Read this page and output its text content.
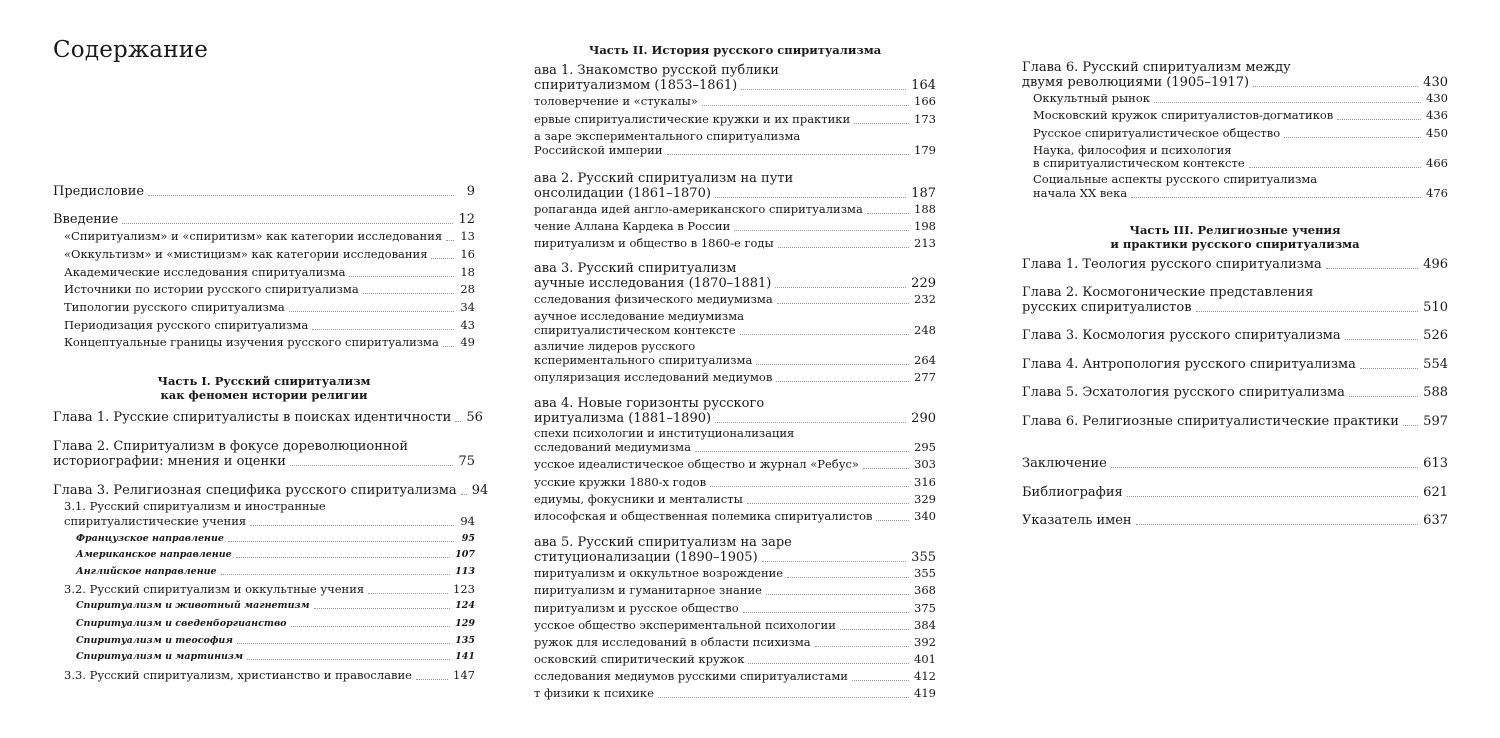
Содержание
Предисловие	9
Введение	12
«Спиритуализм» и «спиритизм» как категории исследования 13
«Оккультизм» и «мистицизм» как категории исследования	16
Академические исследования спиритуализма	18
Источники по истории русского спиритуализма	28
Типологии русского спиритуализма	34
Периодизация русского спиритуализма	43
Концептуальные границы изучения русского спиритуализма 49
Глава 1. Русские спиритуалисты в поисках идентичности 56
Глава 2. Спиритуализм в фокусе дореволюционной
историографии: мнения и оценки	75
Глава 3. Религиозная специфика русского спиритуализма 94
3.1. Русский спиритуализм и иностранные
спиритуалистические учения	94
Французское направление	95
Американское направление	107
Английское направление	113
3.2. Русский спиритуализм и оккультные учения	123
Спиритуализм и животный магнетизм	124
Спиритуализм и сведенборгианство	129
Спиритуализм и теософия	135
Спиритуализм и мартинизм	141
3.3. Русский спиритуализм, христианство и православие	147
Часть I. Русский спиритуализм
как феномен истории религии
ава 1. Знакомство русской публики
спиритуализмом (1853–1861)	164
толоверчение и «стукалы»	166
ервые спиритуалистические кружки и их практики	173
а заре экспериментального спиритуализма
Российской империи	179
ава 2. Русский спиритуализм на пути
онсолидации (1861–1870)	187
ропаганда идей англо-американского спиритуализма	188
чение Аллана Кардека в России	198
пиритуализм и общество в 1860-е годы	213
ава 3. Русский спиритуализм
аучные исследования (1870–1881)	229
сследования физического медиумизма	232
аучное исследование медиумизма
спиритуалистическом контексте	248
азличие лидеров русского
кспериментального спиритуализма	264
опуляризация исследований медиумов	277
ава 4. Новые горизонты русского
иритуализма (1881–1890)	290
спехи психологии и институционализация
сследований медиумизма	295
усское идеалистическое общество и журнал «Ребус»	303
усские кружки 1880-х годов	316
едиумы, фокусники и менталисты	329
илософская и общественная полемика спиритуалистов	340
ава 5. Русский спиритуализм на заре
ституционализации (1890–1905)	355
пиритуализм и оккультное возрождение	355
пиритуализм и гуманитарное знание	368
пиритуализм и русское общество	375
усское общество экспериментальной психологии	384
ружок для исследований в области психизма	392
осковский спиритический кружок	401
сследования медиумов русскими спиритуалистами	412
т физики к психике	419
Часть II. История русского спиритуализма
Глава 6. Русский спиритуализм между
двумя революциями (1905–1917)	430
Оккультный рынок	430
Московский кружок спиритуалистов-догматиков	436
Русское спиритуалистическое общество	450
Наука, философия и психология
в спиритуалистическом контексте	466
Социальные аспекты русского спиритуализма
начала XX века	476
Глава 1. Теология русского спиритуализма	496
Глава 2. Космогонические представления
русских спиритуалистов	510
Глава 3. Космология русского спиритуализма	526
Глава 4. Антропология русского спиритуализма	554
Глава 5. Эсхатология русского спиритуализма	588
Глава 6. Религиозные спиритуалистические практики 597
Заключение	613
Библиография	621
Указатель имен	637
Часть III. Религиозные учения
и практики русского спиритуализма
